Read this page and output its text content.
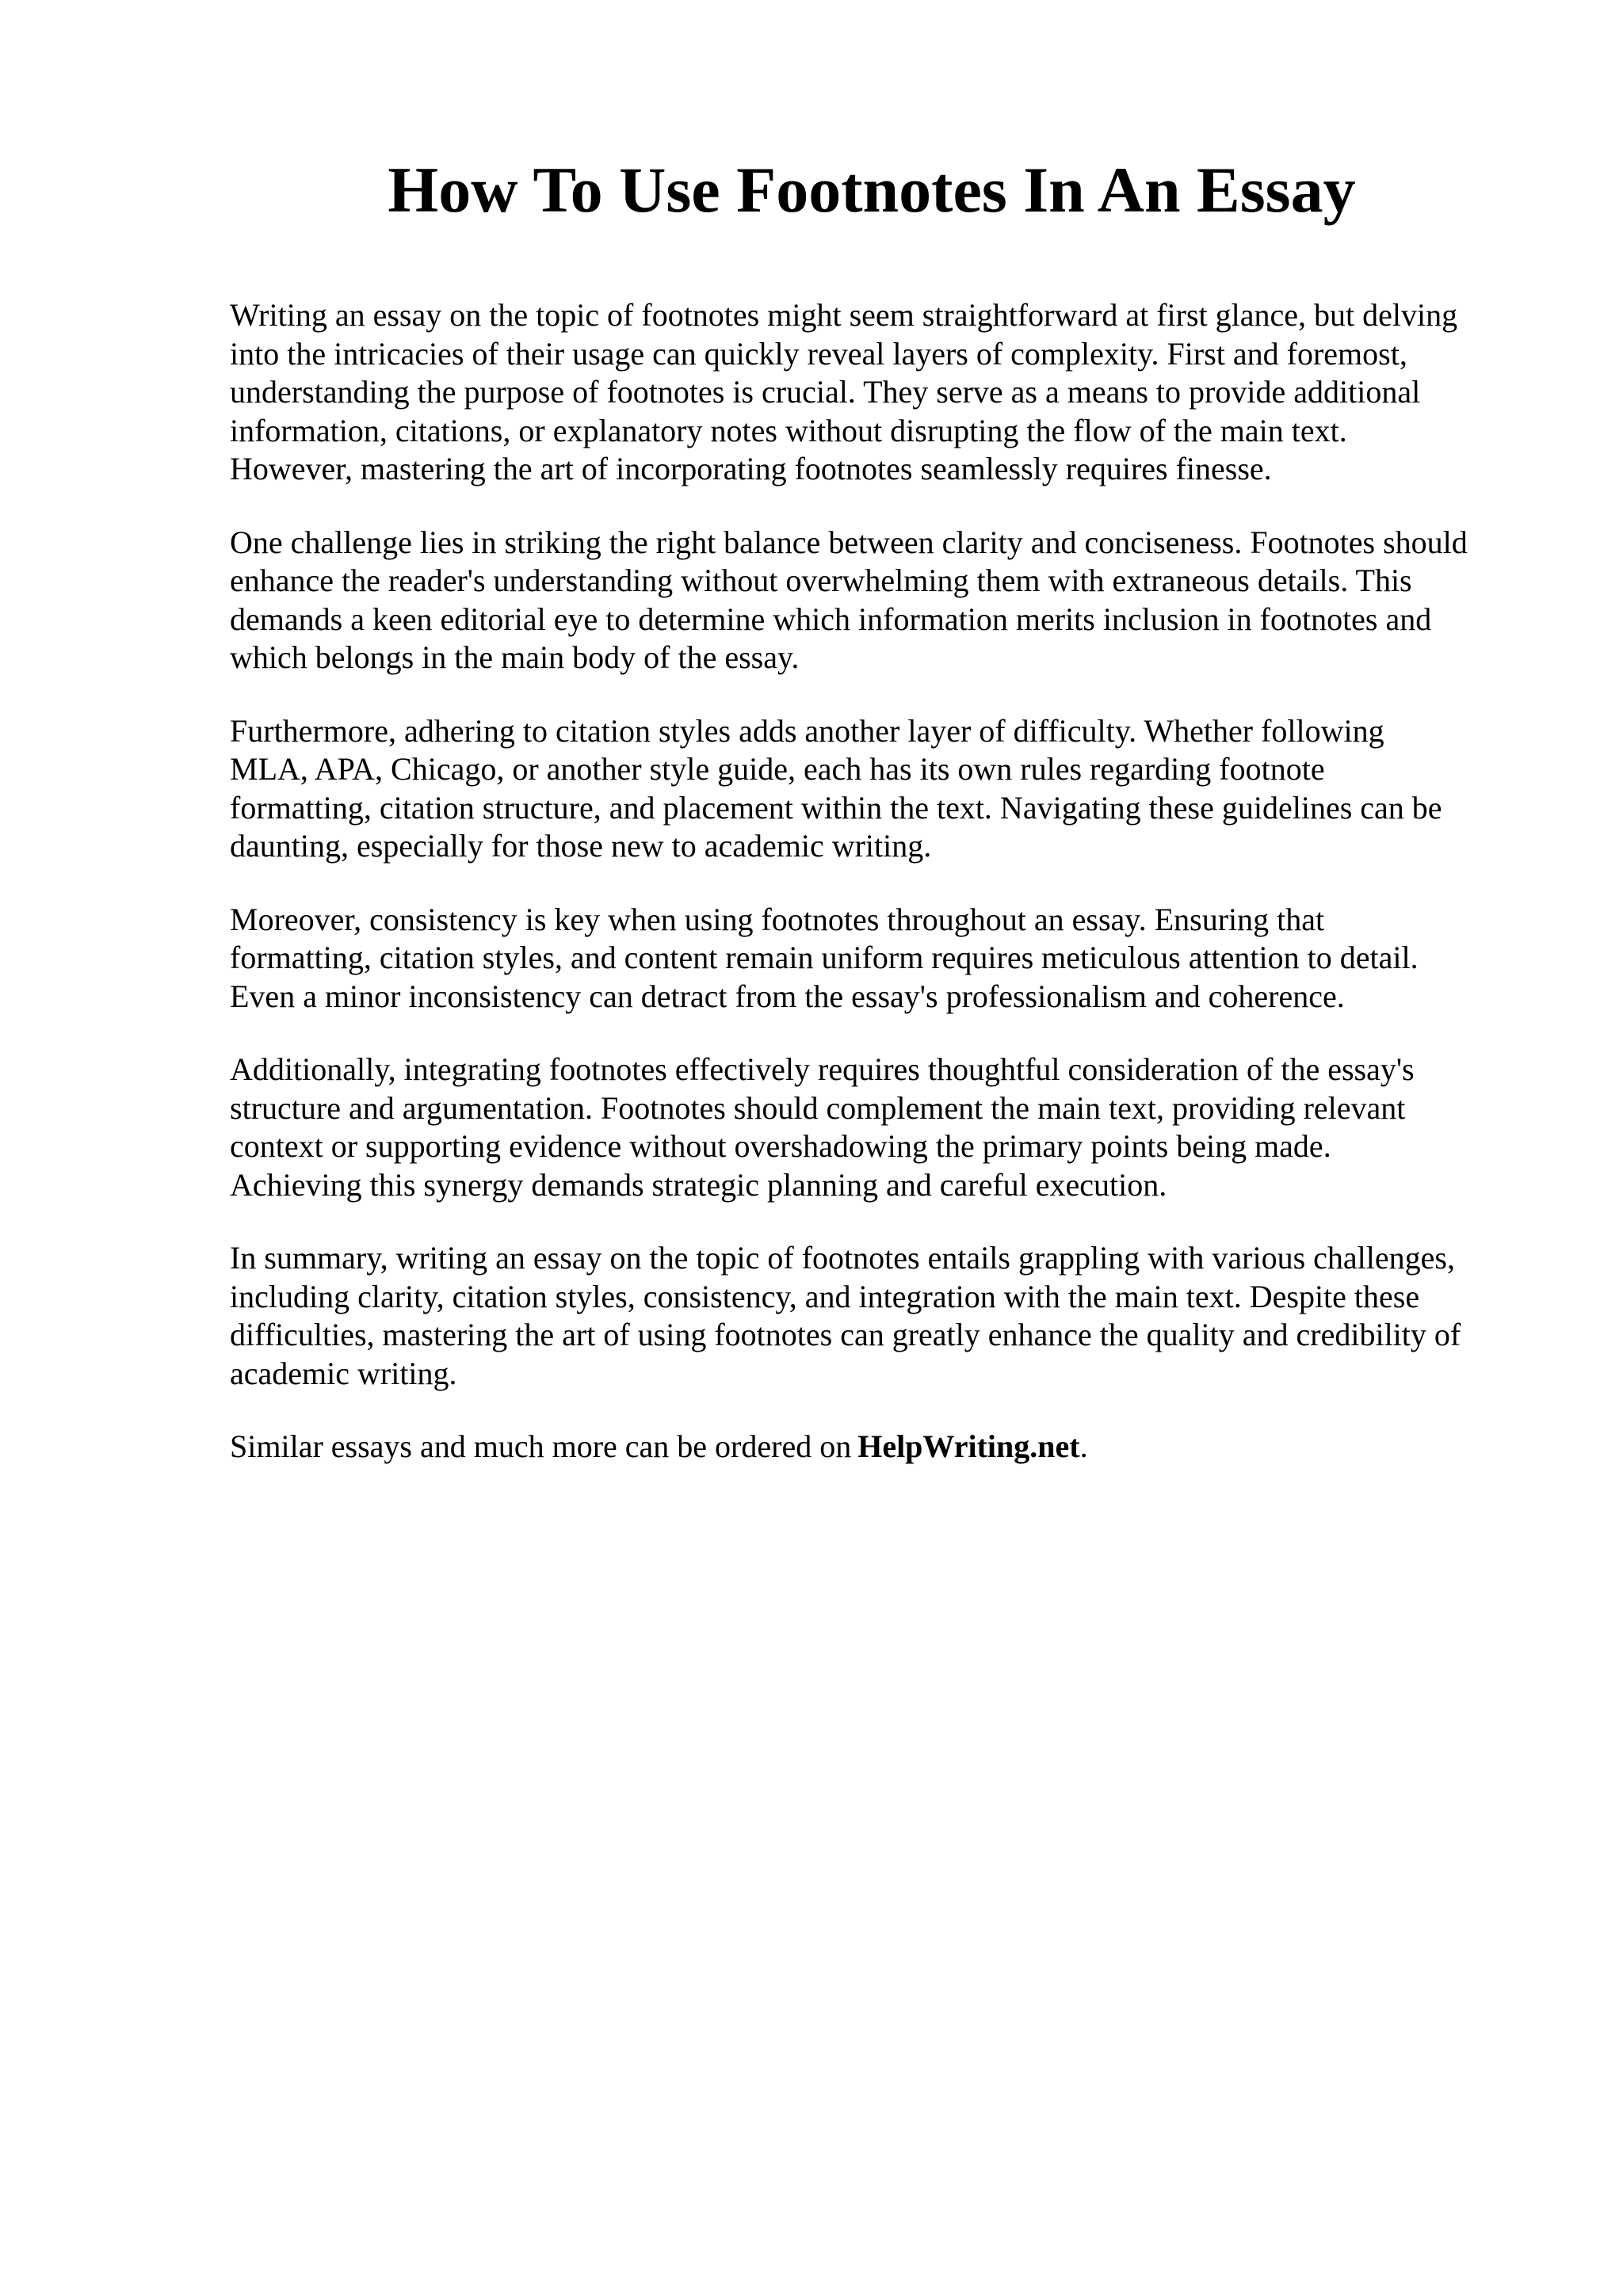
How To Use Footnotes In An Essay

Writing an essay on the topic of footnotes might seem straightforward at first glance, but delving
into the intricacies of their usage can quickly reveal layers of complexity. First and foremost,
understanding the purpose of footnotes is crucial. They serve as a means to provide additional
information, citations, or explanatory notes without disrupting the flow of the main text.
However, mastering the art of incorporating footnotes seamlessly requires finesse.

One challenge lies in striking the right balance between clarity and conciseness. Footnotes should
enhance the reader's understanding without overwhelming them with extraneous details. This
demands a keen editorial eye to determine which information merits inclusion in footnotes and
which belongs in the main body of the essay.

Furthermore, adhering to citation styles adds another layer of difficulty. Whether following
MLA, APA, Chicago, or another style guide, each has its own rules regarding footnote
formatting, citation structure, and placement within the text. Navigating these guidelines can be
daunting, especially for those new to academic writing.

Moreover, consistency is key when using footnotes throughout an essay. Ensuring that
formatting, citation styles, and content remain uniform requires meticulous attention to detail.
Even a minor inconsistency can detract from the essay's professionalism and coherence.

Additionally, integrating footnotes effectively requires thoughtful consideration of the essay's
structure and argumentation. Footnotes should complement the main text, providing relevant
context or supporting evidence without overshadowing the primary points being made.
Achieving this synergy demands strategic planning and careful execution.

In summary, writing an essay on the topic of footnotes entails grappling with various challenges,
including clarity, citation styles, consistency, and integration with the main text. Despite these
difficulties, mastering the art of using footnotes can greatly enhance the quality and credibility of
academic writing.

Similar essays and much more can be ordered on HelpWriting.net.
